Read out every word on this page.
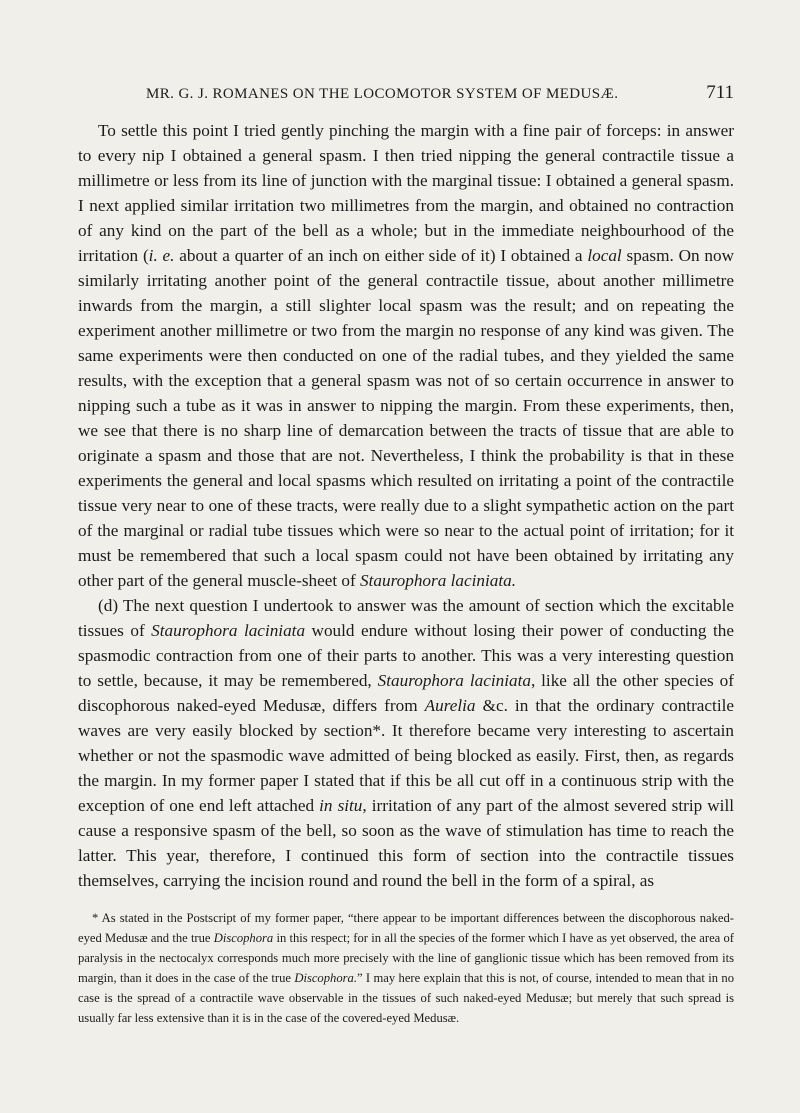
MR. G. J. ROMANES ON THE LOCOMOTOR SYSTEM OF MEDUSÆ.	711

To settle this point I tried gently pinching the margin with a fine pair of forceps: in answer to every nip I obtained a general spasm. I then tried nipping the general contractile tissue a millimetre or less from its line of junction with the marginal tissue: I obtained a general spasm. I next applied similar irritation two millimetres from the margin, and obtained no contraction of any kind on the part of the bell as a whole; but in the immediate neighbourhood of the irritation (i. e. about a quarter of an inch on either side of it) I obtained a local spasm. On now similarly irritating another point of the general contractile tissue, about another millimetre inwards from the margin, a still slighter local spasm was the result; and on repeating the experiment another millimetre or two from the margin no response of any kind was given. The same experiments were then conducted on one of the radial tubes, and they yielded the same results, with the exception that a general spasm was not of so certain occurrence in answer to nipping such a tube as it was in answer to nipping the margin. From these experiments, then, we see that there is no sharp line of demarcation between the tracts of tissue that are able to originate a spasm and those that are not. Nevertheless, I think the probability is that in these experiments the general and local spasms which resulted on irritating a point of the contractile tissue very near to one of these tracts, were really due to a slight sympathetic action on the part of the marginal or radial tube tissues which were so near to the actual point of irritation; for it must be remembered that such a local spasm could not have been obtained by irritating any other part of the general muscle-sheet of Staurophora laciniata.

(d) The next question I undertook to answer was the amount of section which the excitable tissues of Staurophora laciniata would endure without losing their power of conducting the spasmodic contraction from one of their parts to another. This was a very interesting question to settle, because, it may be remembered, Staurophora laciniata, like all the other species of discophorous naked-eyed Medusæ, differs from Aurelia &c. in that the ordinary contractile waves are very easily blocked by section*. It therefore became very interesting to ascertain whether or not the spasmodic wave admitted of being blocked as easily. First, then, as regards the margin. In my former paper I stated that if this be all cut off in a continuous strip with the exception of one end left attached in situ, irritation of any part of the almost severed strip will cause a responsive spasm of the bell, so soon as the wave of stimulation has time to reach the latter. This year, therefore, I continued this form of section into the contractile tissues themselves, carrying the incision round and round the bell in the form of a spiral, as

* As stated in the Postscript of my former paper, “there appear to be important differences between the discophorous naked-eyed Medusæ and the true Discophora in this respect; for in all the species of the former which I have as yet observed, the area of paralysis in the nectocalyx corresponds much more precisely with the line of ganglionic tissue which has been removed from its margin, than it does in the case of the true Discophora.” I may here explain that this is not, of course, intended to mean that in no case is the spread of a contractile wave observable in the tissues of such naked-eyed Medusæ; but merely that such spread is usually far less extensive than it is in the case of the covered-eyed Medusæ.
